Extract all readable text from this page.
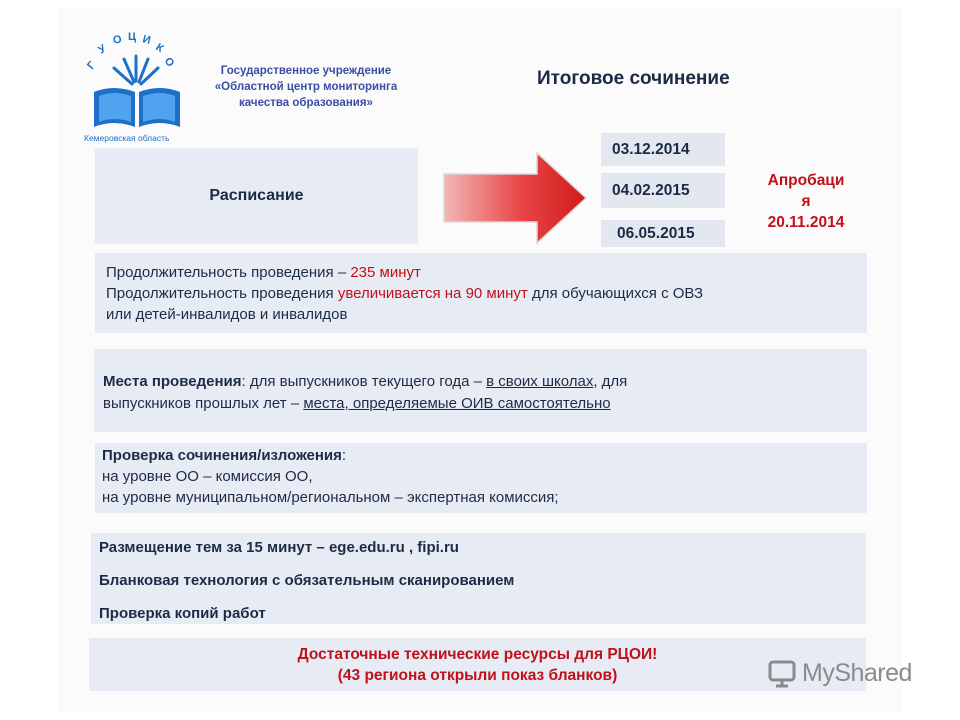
Г
У
О Ц И
К
О
Кемеровская область
Государственное учреждение
«Областной центр мониторинга
качества образования»
Итоговое сочинение
Расписание
03.12.2014
04.02.2015
06.05.2015
Апробаци
я
20.11.2014
Продолжительность проведения – 235 минут
Продолжительность проведения увеличивается на 90 минут для обучающихся с ОВЗ
или детей-инвалидов и инвалидов
Места проведения: для выпускников текущего года – в своих школах, для
выпускников прошлых лет – места, определяемые ОИВ самостоятельно
Проверка сочинения/изложения:
на уровне ОО – комиссия ОО,
на уровне муниципальном/региональном – экспертная комиссия;
Размещение тем за 15 минут – ege.edu.ru , fipi.ru
Бланковая технология с обязательным сканированием
Проверка копий работ
Достаточные технические ресурсы для РЦОИ!
(43 региона открыли показ бланков)	MyShared
